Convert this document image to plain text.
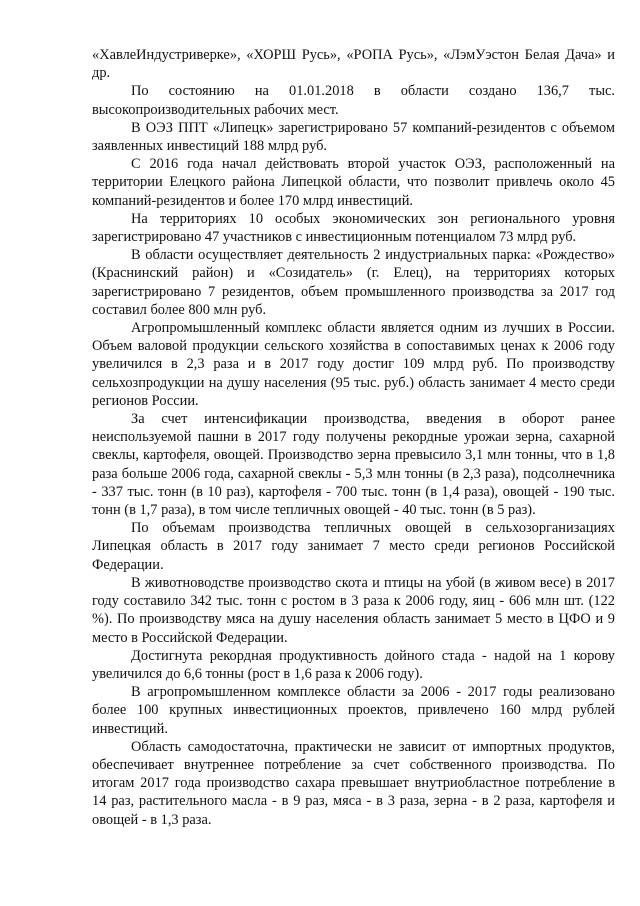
«ХавлеИндустриверке», «ХОРШ Русь», «РОПА Русь», «ЛэмУэстон Белая Дача» и др.

По состоянию на 01.01.2018 в области создано 136,7 тыс. высокопроизводительных рабочих мест.

В ОЭЗ ППТ «Липецк» зарегистрировано 57 компаний-резидентов с объемом заявленных инвестиций 188 млрд руб.

С 2016 года начал действовать второй участок ОЭЗ, расположенный на территории Елецкого района Липецкой области, что позволит привлечь около 45 компаний-резидентов и более 170 млрд инвестиций.

На территориях 10 особых экономических зон регионального уровня зарегистрировано 47 участников с инвестиционным потенциалом 73 млрд руб.

В области осуществляет деятельность 2 индустриальных парка: «Рождество» (Краснинский район) и «Созидатель» (г. Елец), на территориях которых зарегистрировано 7 резидентов, объем промышленного производства за 2017 год составил более 800 млн руб.

Агропромышленный комплекс области является одним из лучших в России. Объем валовой продукции сельского хозяйства в сопоставимых ценах к 2006 году увеличился в 2,3 раза и в 2017 году достиг 109 млрд руб. По производству сельхозпродукции на душу населения (95 тыс. руб.) область занимает 4 место среди регионов России.

За счет интенсификации производства, введения в оборот ранее неиспользуемой пашни в 2017 году получены рекордные урожаи зерна, сахарной свеклы, картофеля, овощей. Производство зерна превысило 3,1 млн тонны, что в 1,8 раза больше 2006 года, сахарной свеклы - 5,3 млн тонны (в 2,3 раза), подсолнечника - 337 тыс. тонн (в 10 раз), картофеля - 700 тыс. тонн (в 1,4 раза), овощей - 190 тыс. тонн (в 1,7 раза), в том числе тепличных овощей - 40 тыс. тонн (в 5 раз).

По объемам производства тепличных овощей в сельхозорганизациях Липецкая область в 2017 году занимает 7 место среди регионов Российской Федерации.

В животноводстве производство скота и птицы на убой (в живом весе) в 2017 году составило 342 тыс. тонн с ростом в 3 раза к 2006 году, яиц - 606 млн шт. (122 %). По производству мяса на душу населения область занимает 5 место в ЦФО и 9 место в Российской Федерации.

Достигнута рекордная продуктивность дойного стада - надой на 1 корову увеличился до 6,6 тонны (рост в 1,6 раза к 2006 году).

В агропромышленном комплексе области за 2006 - 2017 годы реализовано более 100 крупных инвестиционных проектов, привлечено 160 млрд рублей инвестиций.

Область самодостаточна, практически не зависит от импортных продуктов, обеспечивает внутреннее потребление за счет собственного производства. По итогам 2017 года производство сахара превышает внутриобластное потребление в 14 раз, растительного масла - в 9 раз, мяса - в 3 раза, зерна - в 2 раза, картофеля и овощей - в 1,3 раза.
